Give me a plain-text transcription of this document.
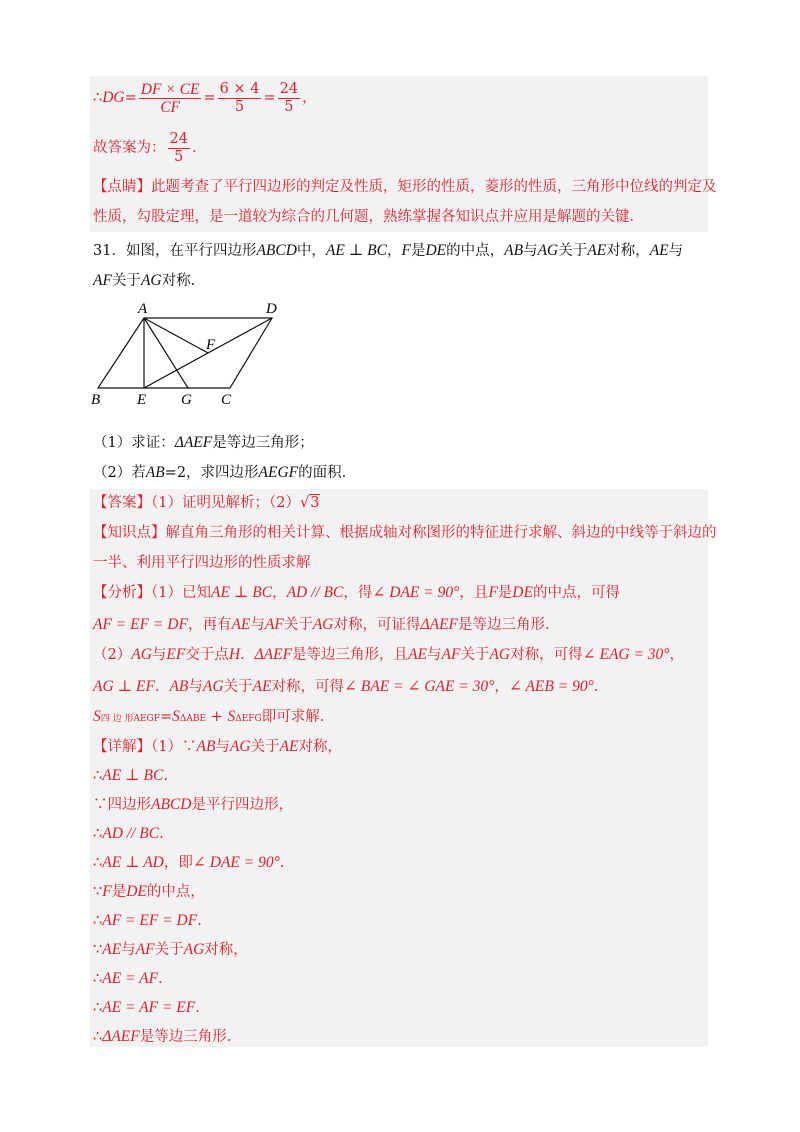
∴DG= $\frac{DF \times CE}{CF} = \frac{6 \times 4}{5} = \frac{24}{5}$ ，
故答案为： $\frac{24}{5}$ ．
【点睛】此题考查了平行四边形的判定及性质，矩形的性质，菱形的性质，三角形中位线的判定及
性质，勾股定理，是一道较为综合的几何题，熟练掌握各知识点并应用是解题的关键．
31．如图，在平行四边形ABCD中，AE ⊥ BC，F是DE的中点，AB与AG关于AE对称，AE与
AF关于AG对称.
A	D
F
B E G C
（1）求证：ΔAEF是等边三角形；
（2）若AB=2，求四边形AEGF的面积.
【答案】（1）证明见解析；（2）√3
【知识点】解直角三角形的相关计算、根据成轴对称图形的特征进行求解、斜边的中线等于斜边的
一半、利用平行四边形的性质求解
【分析】（1）已知AE ⊥ BC，AD // BC，得∠ DAE = 90°，且F是DE的中点，可得
AF = EF = DF，再有AE与AF关于AG对称，可证得ΔAEF是等边三角形.
（2）AG与EF交于点H．ΔAEF是等边三角形，且AE与AF关于AG对称，可得∠ EAG = 30°，
AG ⊥ EF．AB与AG关于AE对称，可得∠ BAE = ∠ GAE = 30°，∠ AEB = 90°.
S四 边 形AEGF=SΔABE + SΔEFG即可求解.
【详解】（1）∵AB与AG关于AE对称，
∴AE ⊥ BC.
∵四边形ABCD是平行四边形，
∴AD // BC.
∴AE ⊥ AD，即∠ DAE = 90°.
∵F是DE的中点，
∴AF = EF = DF.
∵AE与AF关于AG对称，
∴AE = AF.
∴AE = AF = EF.
∴ΔAEF是等边三角形.
